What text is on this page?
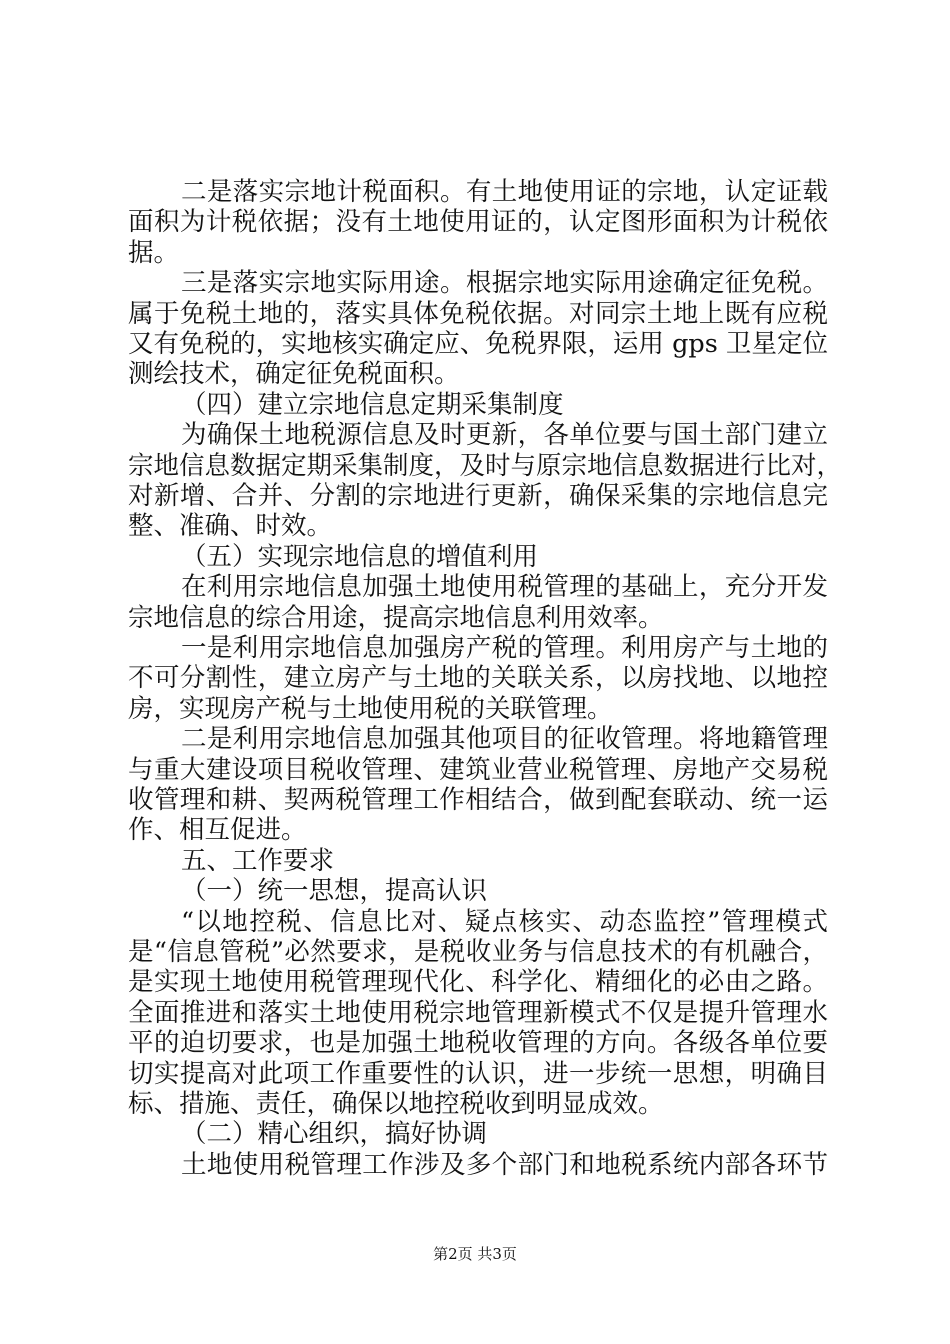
二是落实宗地计税面积。有土地使用证的宗地，认定证载

面积为计税依据；没有土地使用证的，认定图形面积为计税依

据。

三是落实宗地实际用途。根据宗地实际用途确定征免税。

属于免税土地的，落实具体免税依据。对同宗土地上既有应税

又有免税的，实地核实确定应、免税界限，运用 gps 卫星定位

测绘技术，确定征免税面积。

（四）建立宗地信息定期采集制度

为确保土地税源信息及时更新，各单位要与国土部门建立

宗地信息数据定期采集制度，及时与原宗地信息数据进行比对，

对新增、合并、分割的宗地进行更新，确保采集的宗地信息完

整、准确、时效。

（五）实现宗地信息的增值利用

在利用宗地信息加强土地使用税管理的基础上，充分开发

宗地信息的综合用途，提高宗地信息利用效率。

一是利用宗地信息加强房产税的管理。利用房产与土地的

不可分割性，建立房产与土地的关联关系，以房找地、以地控

房，实现房产税与土地使用税的关联管理。

二是利用宗地信息加强其他项目的征收管理。将地籍管理

与重大建设项目税收管理、建筑业营业税管理、房地产交易税

收管理和耕、契两税管理工作相结合，做到配套联动、统一运

作、相互促进。

五、工作要求

（一）统一思想，提高认识

“以地控税、信息比对、疑点核实、动态监控”管理模式

是“信息管税”必然要求，是税收业务与信息技术的有机融合，

是实现土地使用税管理现代化、科学化、精细化的必由之路。

全面推进和落实土地使用税宗地管理新模式不仅是提升管理水

平的迫切要求，也是加强土地税收管理的方向。各级各单位要

切实提高对此项工作重要性的认识，进一步统一思想，明确目

标、措施、责任，确保以地控税收到明显成效。

（二）精心组织，搞好协调

土地使用税管理工作涉及多个部门和地税系统内部各环节

第2页 共3页
